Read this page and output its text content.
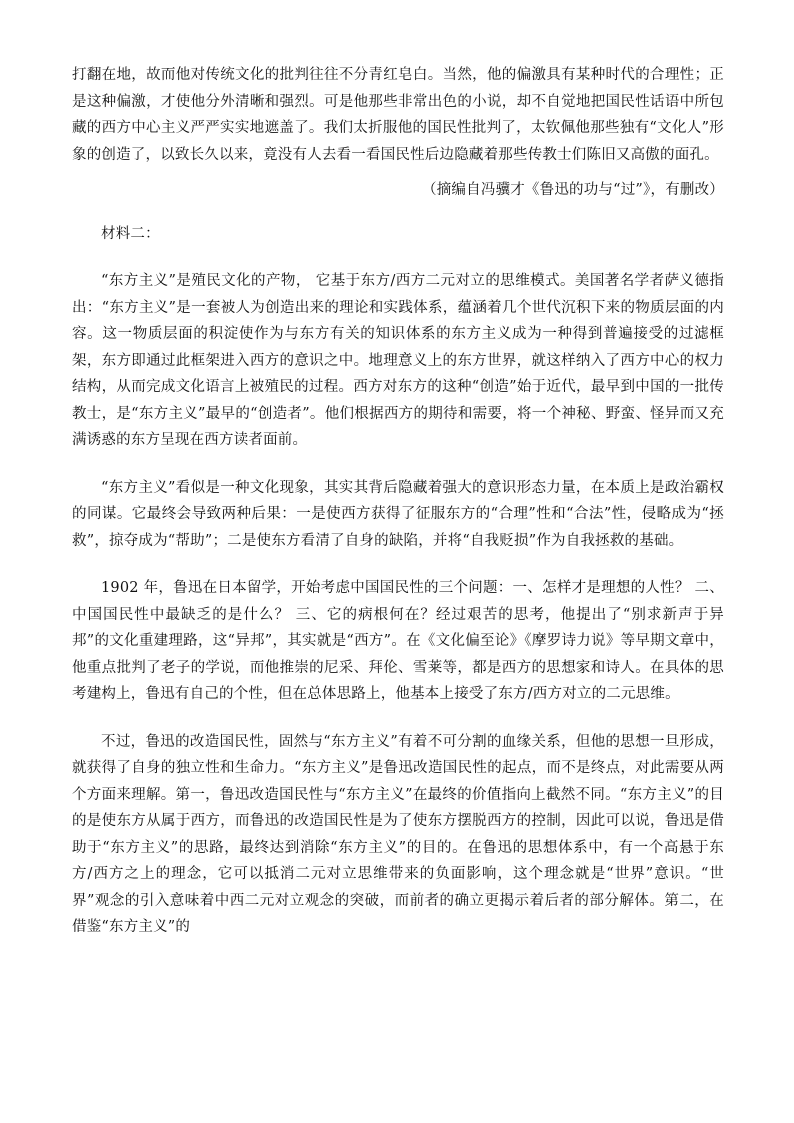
打翻在地，故而他对传统文化的批判往往不分青红皂白。当然，他的偏激具有某种时代的合理性；正是这种偏激，才使他分外清晰和强烈。可是他那些非常出色的小说，却不自觉地把国民性话语中所包藏的西方中心主义严严实实地遮盖了。我们太折服他的国民性批判了，太钦佩他那些独有“文化人”形象的创造了，以致长久以来，竟没有人去看一看国民性后边隐藏着那些传教士们陈旧又高傲的面孔。

（摘编自冯骥才《鲁迅的功与“过”》，有删改）

材料二：

“东方主义”是殖民文化的产物， 它基于东方/西方二元对立的思维模式。美国著名学者萨义德指出：“东方主义”是一套被人为创造出来的理论和实践体系，蕴涵着几个世代沉积下来的物质层面的内容。这一物质层面的积淀使作为与东方有关的知识体系的东方主义成为一种得到普遍接受的过滤框架，东方即通过此框架进入西方的意识之中。地理意义上的东方世界，就这样纳入了西方中心的权力结构，从而完成文化语言上被殖民的过程。西方对东方的这种“创造”始于近代，最早到中国的一批传教士，是“东方主义”最早的“创造者”。他们根据西方的期待和需要，将一个神秘、野蛮、怪异而又充满诱惑的东方呈现在西方读者面前。

“东方主义”看似是一种文化现象，其实其背后隐藏着强大的意识形态力量，在本质上是政治霸权的同谋。它最终会导致两种后果：一是使西方获得了征服东方的“合理”性和“合法”性，侵略成为“拯救”，掠夺成为“帮助”；二是使东方看清了自身的缺陷，并将“自我贬损”作为自我拯救的基础。

1902 年，鲁迅在日本留学，开始考虑中国国民性的三个问题：一、怎样才是理想的人性？ 二、中国国民性中最缺乏的是什么？ 三、它的病根何在？经过艰苦的思考，他提出了“别求新声于异邦”的文化重建理路，这“异邦”，其实就是“西方”。在《文化偏至论》《摩罗诗力说》等早期文章中，他重点批判了老子的学说，而他推崇的尼采、拜伦、雪莱等，都是西方的思想家和诗人。在具体的思考建构上，鲁迅有自己的个性，但在总体思路上，他基本上接受了东方/西方对立的二元思维。

不过，鲁迅的改造国民性，固然与“东方主义”有着不可分割的血缘关系，但他的思想一旦形成，就获得了自身的独立性和生命力。“东方主义”是鲁迅改造国民性的起点，而不是终点，对此需要从两个方面来理解。第一，鲁迅改造国民性与“东方主义”在最终的价值指向上截然不同。“东方主义”的目的是使东方从属于西方，而鲁迅的改造国民性是为了使东方摆脱西方的控制，因此可以说，鲁迅是借助于“东方主义”的思路，最终达到消除“东方主义”的目的。在鲁迅的思想体系中，有一个高悬于东方/西方之上的理念，它可以抵消二元对立思维带来的负面影响，这个理念就是“世界”意识。“世界”观念的引入意味着中西二元对立观念的突破，而前者的确立更揭示着后者的部分解体。第二，在借鉴“东方主义”的
